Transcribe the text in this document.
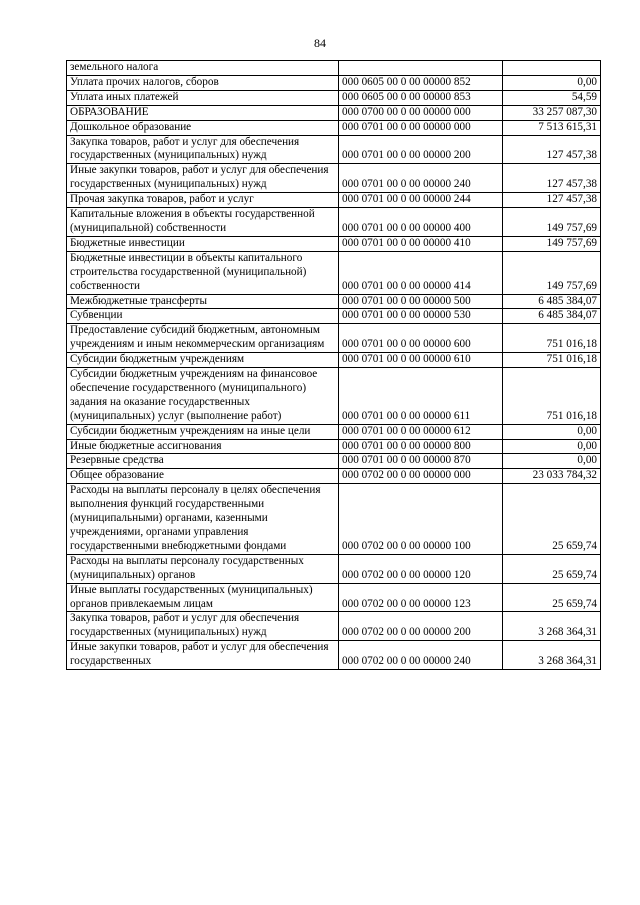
84
земельного налога		
Уплата прочих налогов, сборов	000 0605 00 0 00 00000 852	0,00
Уплата иных платежей	000 0605 00 0 00 00000 853	54,59
ОБРАЗОВАНИЕ	000 0700 00 0 00 00000 000	33 257 087,30
Дошкольное образование	000 0701 00 0 00 00000 000	7 513 615,31
Закупка товаров, работ и услуг для обеспечения государственных (муниципальных) нужд	000 0701 00 0 00 00000 200	127 457,38
Иные закупки товаров, работ и услуг для обеспечения государственных (муниципальных) нужд	000 0701 00 0 00 00000 240	127 457,38
Прочая закупка товаров, работ и услуг	000 0701 00 0 00 00000 244	127 457,38
Капитальные вложения в объекты государственной (муниципальной) собственности	000 0701 00 0 00 00000 400	149 757,69
Бюджетные инвестиции	000 0701 00 0 00 00000 410	149 757,69
Бюджетные инвестиции в объекты капитального строительства государственной (муниципальной) собственности	000 0701 00 0 00 00000 414	149 757,69
Межбюджетные трансферты	000 0701 00 0 00 00000 500	6 485 384,07
Субвенции	000 0701 00 0 00 00000 530	6 485 384,07
Предоставление субсидий бюджетным, автономным учреждениям и иным некоммерческим организациям	000 0701 00 0 00 00000 600	751 016,18
Субсидии бюджетным учреждениям	000 0701 00 0 00 00000 610	751 016,18
Субсидии бюджетным учреждениям на финансовое обеспечение государственного (муниципального) задания на оказание государственных (муниципальных) услуг (выполнение работ)	000 0701 00 0 00 00000 611	751 016,18
Субсидии бюджетным учреждениям на иные цели	000 0701 00 0 00 00000 612	0,00
Иные бюджетные ассигнования	000 0701 00 0 00 00000 800	0,00
Резервные средства	000 0701 00 0 00 00000 870	0,00
Общее образование	000 0702 00 0 00 00000 000	23 033 784,32
Расходы на выплаты персоналу в целях обеспечения выполнения функций государственными (муниципальными) органами, казенными учреждениями, органами управления государственными внебюджетными фондами	000 0702 00 0 00 00000 100	25 659,74
Расходы на выплаты персоналу государственных (муниципальных) органов	000 0702 00 0 00 00000 120	25 659,74
Иные выплаты государственных (муниципальных) органов привлекаемым лицам	000 0702 00 0 00 00000 123	25 659,74
Закупка товаров, работ и услуг для обеспечения государственных (муниципальных) нужд	000 0702 00 0 00 00000 200	3 268 364,31
Иные закупки товаров, работ и услуг для обеспечения государственных	000 0702 00 0 00 00000 240	3 268 364,31
